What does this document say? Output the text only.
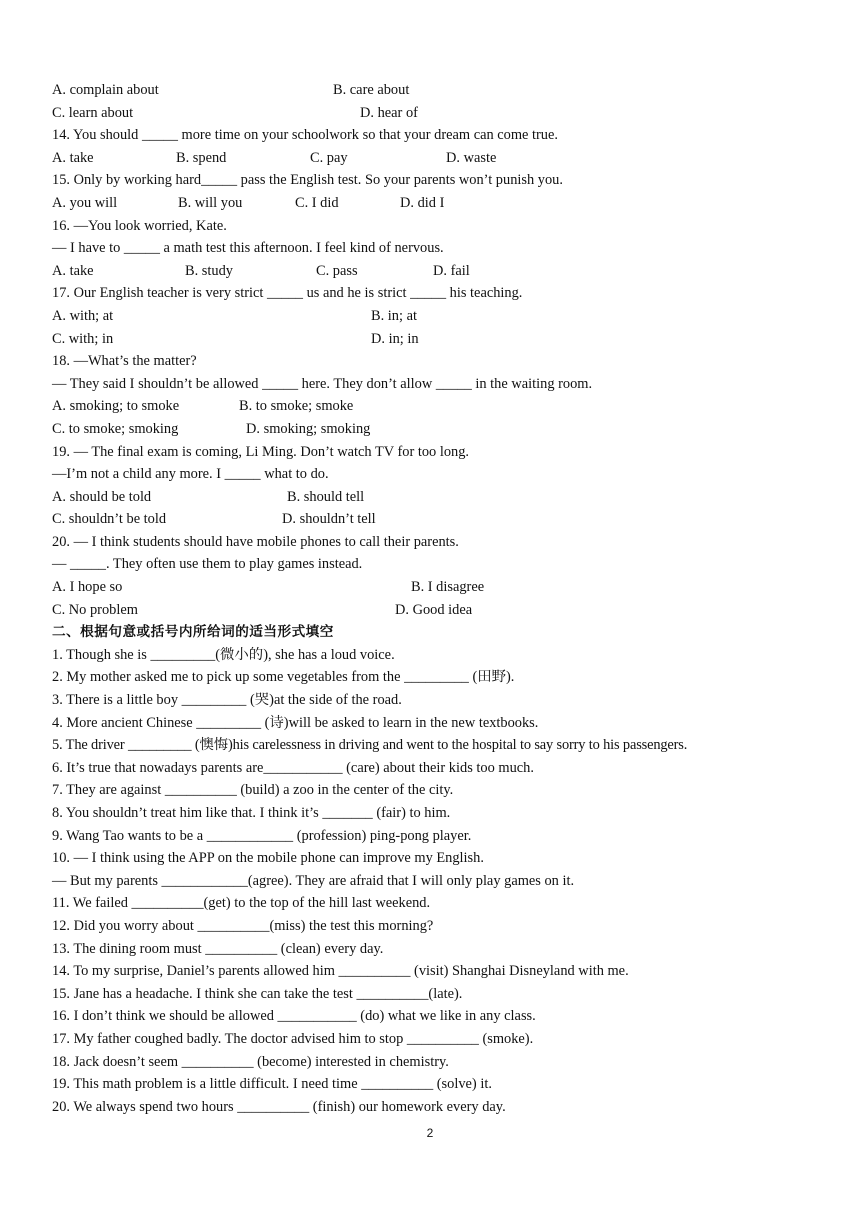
A. complain about	B. care about
C. learn about	D. hear of
14. You should _____ more time on your schoolwork so that your dream can come true.
A. take	B. spend	C. pay	D. waste
15. Only by working hard_____ pass the English test. So your parents won’t punish you.
A. you will	B. will you	C. I did	D. did I
16. —You look worried, Kate.
— I have to _____ a math test this afternoon. I feel kind of nervous.
A. take	B. study	C. pass	D. fail
17. Our English teacher is very strict _____ us and he is strict _____ his teaching.
A. with; at	B. in; at
C. with; in	D. in; in
18. —What’s the matter?
— They said I shouldn’t be allowed _____ here. They don’t allow _____ in the waiting room.
A. smoking; to smoke	B. to smoke; smoke
C. to smoke; smoking	D. smoking; smoking
19. — The final exam is coming, Li Ming. Don’t watch TV for too long.
—I’m not a child any more. I _____ what to do.
A. should be told	B. should tell
C. shouldn’t be told	D. shouldn’t tell
20. — I think students should have mobile phones to call their parents.
— _____. They often use them to play games instead.
A. I hope so	B. I disagree
C. No problem	D. Good idea
二、根据句意或括号内所给词的适当形式填空
1. Though she is _________(微小的), she has a loud voice.
2. My mother asked me to pick up some vegetables from the _________ (田野).
3. There is a little boy _________ (哭)at the side of the road.
4. More ancient Chinese _________ (诗)will be asked to learn in the new textbooks.
5. The driver _________ (懊悔)his carelessness in driving and went to the hospital to say sorry to his passengers.
6. It’s true that nowadays parents are___________ (care) about their kids too much.
7. They are against __________ (build) a zoo in the center of the city.
8. You shouldn’t treat him like that. I think it’s _______ (fair) to him.
9. Wang Tao wants to be a ____________ (profession) ping-pong player.
10. — I think using the APP on the mobile phone can improve my English.
— But my parents ____________(agree). They are afraid that I will only play games on it.
11. We failed __________(get) to the top of the hill last weekend.
12. Did you worry about __________(miss) the test this morning?
13. The dining room must __________ (clean) every day.
14. To my surprise, Daniel’s parents allowed him __________ (visit) Shanghai Disneyland with me.
15. Jane has a headache. I think she can take the test __________(late).
16. I don’t think we should be allowed ___________ (do) what we like in any class.
17. My father coughed badly. The doctor advised him to stop __________ (smoke).
18. Jack doesn’t seem __________ (become) interested in chemistry.
19. This math problem is a little difficult. I need time __________ (solve) it.
20. We always spend two hours __________ (finish) our homework every day.
2
